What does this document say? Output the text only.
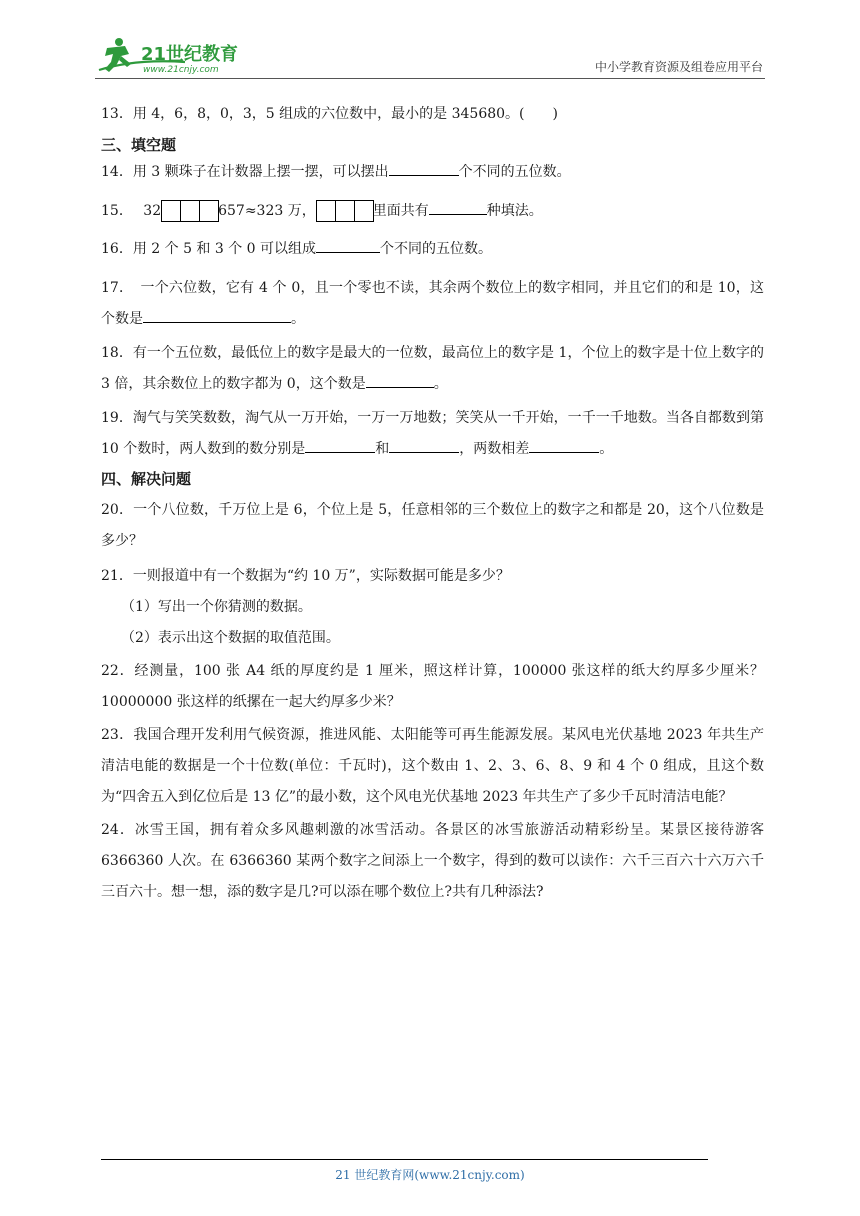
21世纪教育
www.21cnjy.com	中小学教育资源及组卷应用平台

13．用 4，6，8，0，3，5 组成的六位数中，最小的是 345680。(　　)

三、填空题

14．用 3 颗珠子在计数器上摆一摆，可以摆出	个不同的五位数。

15． 32	657≈323 万，	里面共有	种填法。

16．用 2 个 5 和 3 个 0 可以组成	个不同的五位数。

17．　一个六位数，它有 4 个 0，且一个零也不读，其余两个数位上的数字相同，并且它们的和是 10，这个数是	。

18．有一个五位数，最低位上的数字是最大的一位数，最高位上的数字是 1，个位上的数字是十位上数字的 3 倍，其余数位上的数字都为 0，这个数是	。

19．淘气与笑笑数数，淘气从一万开始，一万一万地数；笑笑从一千开始，一千一千地数。当各自都数到第 10 个数时，两人数到的数分别是	和	，两数相差	。

四、解决问题

20．一个八位数，千万位上是 6，个位上是 5，任意相邻的三个数位上的数字之和都是 20，这个八位数是多少？

21．一则报道中有一个数据为“约 10 万”，实际数据可能是多少？

（1）写出一个你猜测的数据。

（2）表示出这个数据的取值范围。

22．经测量，100 张 A4 纸的厚度约是 1 厘米，照这样计算，100000 张这样的纸大约厚多少厘米？10000000 张这样的纸摞在一起大约厚多少米？

23．我国合理开发利用气候资源，推进风能、太阳能等可再生能源发展。某风电光伏基地 2023 年共生产清洁电能的数据是一个十位数(单位：千瓦时)，这个数由 1、2、3、6、8、9 和 4 个 0 组成，且这个数为“四舍五入到亿位后是 13 亿”的最小数，这个风电光伏基地 2023 年共生产了多少千瓦时清洁电能？

24．冰雪王国，拥有着众多风趣刺激的冰雪活动。各景区的冰雪旅游活动精彩纷呈。某景区接待游客 6366360 人次。在 6366360 某两个数字之间添上一个数字，得到的数可以读作：六千三百六十六万六千三百六十。想一想，添的数字是几?可以添在哪个数位上?共有几种添法?

21 世纪教育网(www.21cnjy.com)
